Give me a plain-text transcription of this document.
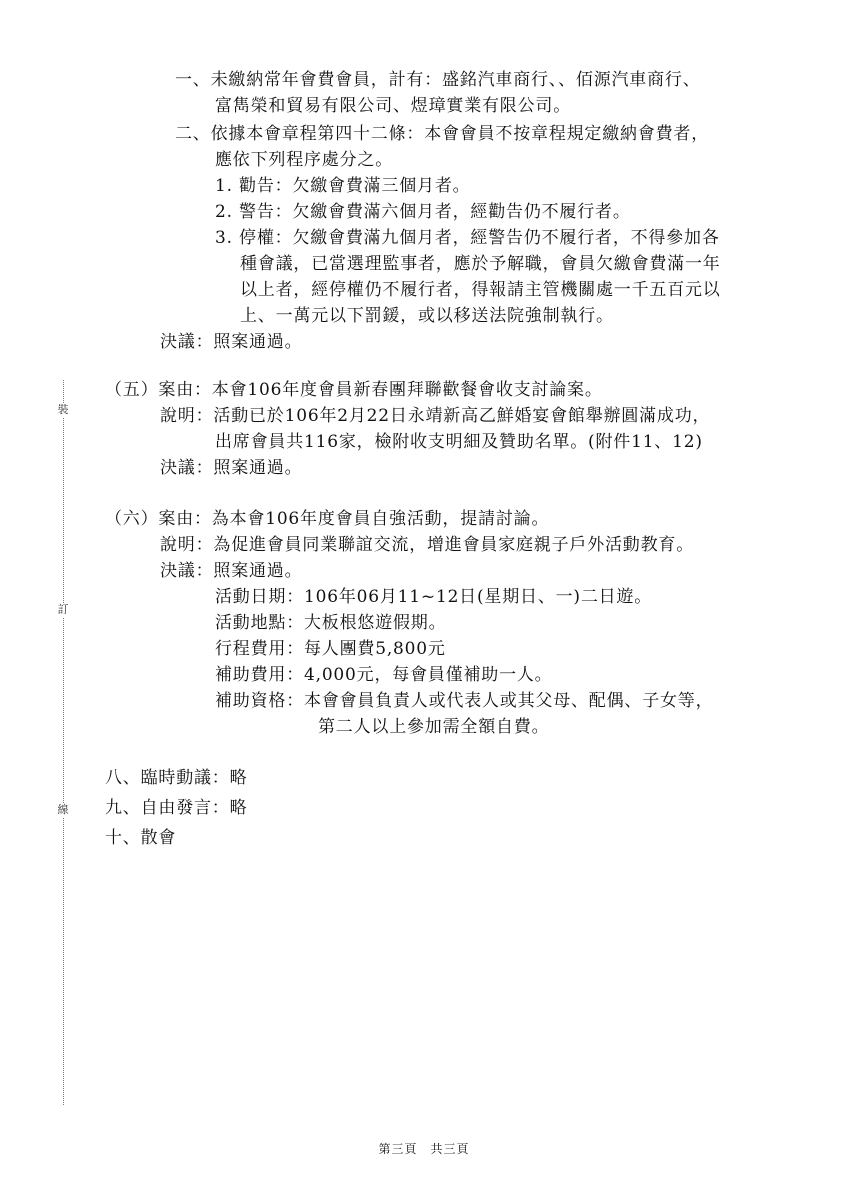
裝
訂
線
一、未繳納常年會費會員，計有：盛銘汽車商行、、佰源汽車商行、
富雋榮和貿易有限公司、煜璋實業有限公司。
二、依據本會章程第四十二條：本會會員不按章程規定繳納會費者，
應依下列程序處分之。
1. 勸告：欠繳會費滿三個月者。
2. 警告：欠繳會費滿六個月者，經勸告仍不履行者。
3. 停權：欠繳會費滿九個月者，經警告仍不履行者，不得參加各
種會議，已當選理監事者，應於予解職，會員欠繳會費滿一年
以上者，經停權仍不履行者，得報請主管機關處一千五百元以
上、一萬元以下罰鍰，或以移送法院強制執行。
決議：照案通過。
（五）案由：本會106年度會員新春團拜聯歡餐會收支討論案。
說明：活動已於106年2月22日永靖新高乙鮮婚宴會館舉辦圓滿成功，
出席會員共116家，檢附收支明細及贊助名單。(附件11、12)
決議：照案通過。
（六）案由：為本會106年度會員自強活動，提請討論。
說明：為促進會員同業聯誼交流，增進會員家庭親子戶外活動教育。
決議：照案通過。
活動日期：106年06月11~12日(星期日、一)二日遊。
活動地點：大板根悠遊假期。
行程費用：每人團費5,800元
補助費用：4,000元，每會員僅補助一人。
補助資格：本會會員負責人或代表人或其父母、配偶、子女等，
第二人以上參加需全額自費。
八、臨時動議：略
九、自由發言：略
十、散會
第三頁　共三頁
